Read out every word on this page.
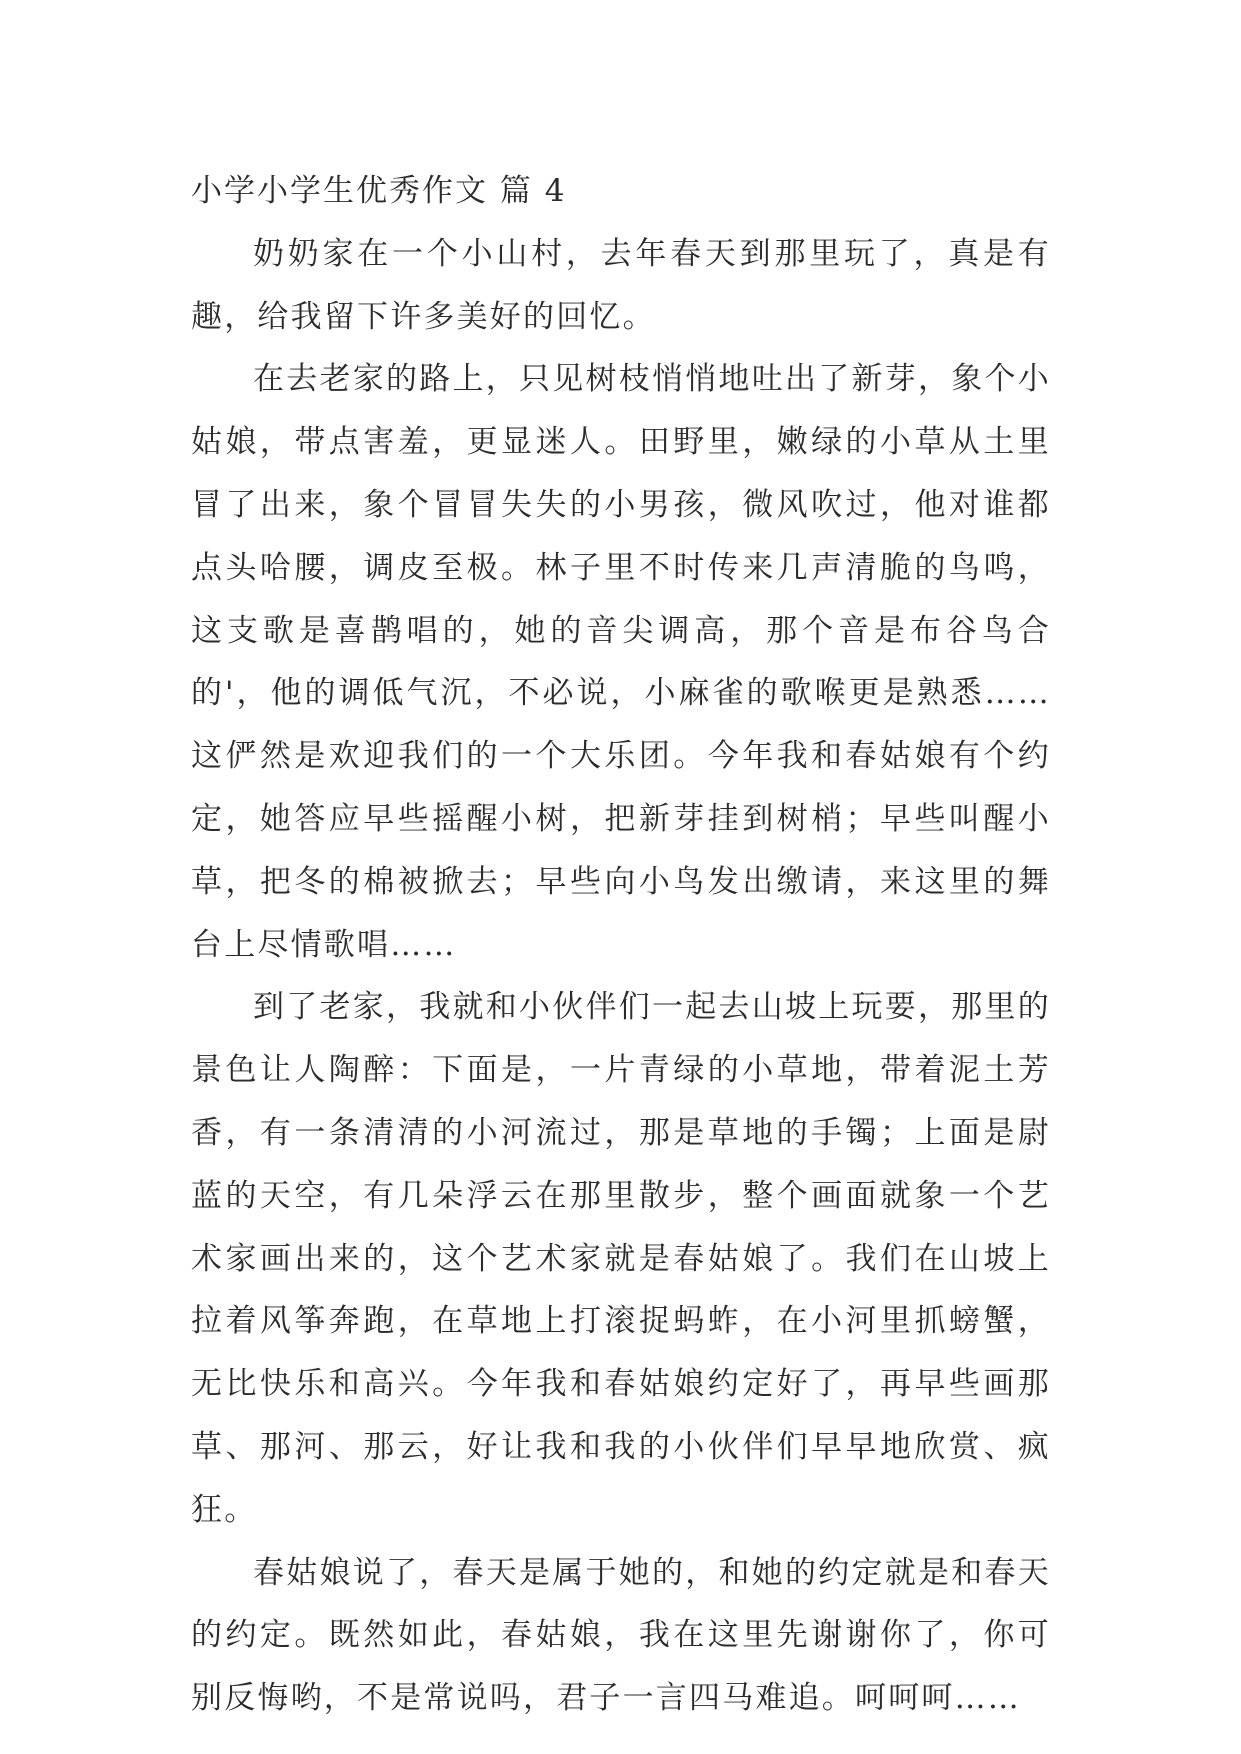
小学小学生优秀作文 篇 4

奶奶家在一个小山村，去年春天到那里玩了，真是有趣，给我留下许多美好的回忆。

在去老家的路上，只见树枝悄悄地吐出了新芽，象个小姑娘，带点害羞，更显迷人。田野里，嫩绿的小草从土里冒了出来，象个冒冒失失的小男孩，微风吹过，他对谁都点头哈腰，调皮至极。林子里不时传来几声清脆的鸟鸣，这支歌是喜鹊唱的，她的音尖调高，那个音是布谷鸟合的'，他的调低气沉，不必说，小麻雀的歌喉更是熟悉……这俨然是欢迎我们的一个大乐团。今年我和春姑娘有个约定，她答应早些摇醒小树，把新芽挂到树梢；早些叫醒小草，把冬的棉被掀去；早些向小鸟发出缴请，来这里的舞台上尽情歌唱……

到了老家，我就和小伙伴们一起去山坡上玩要，那里的景色让人陶醉：下面是，一片青绿的小草地，带着泥土芳香，有一条清清的小河流过，那是草地的手镯；上面是尉蓝的天空，有几朵浮云在那里散步，整个画面就象一个艺术家画出来的，这个艺术家就是春姑娘了。我们在山坡上拉着风筝奔跑，在草地上打滚捉蚂蚱，在小河里抓螃蟹，无比快乐和高兴。今年我和春姑娘约定好了，再早些画那草、那河、那云，好让我和我的小伙伴们早早地欣赏、疯狂。

春姑娘说了，春天是属于她的，和她的约定就是和春天的约定。既然如此，春姑娘，我在这里先谢谢你了，你可别反悔哟，不是常说吗，君子一言四马难追。呵呵呵……
